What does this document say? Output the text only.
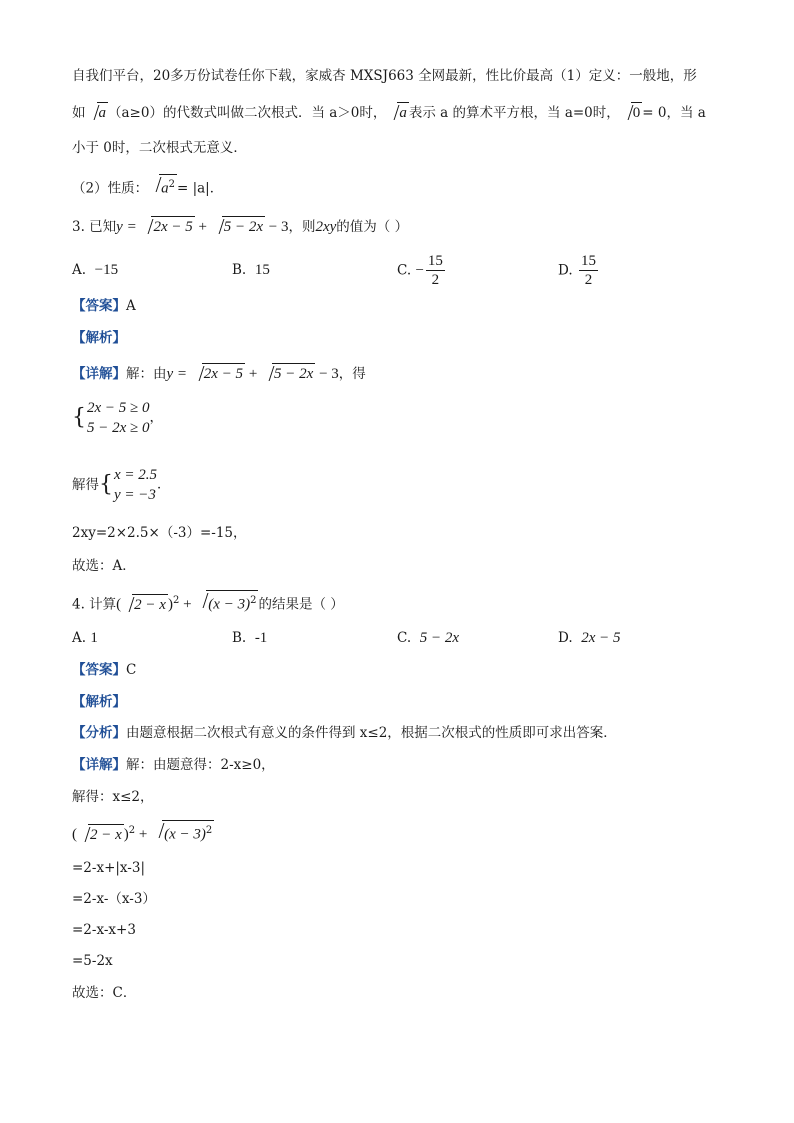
自我们平台，20多万份试卷任你下载，家威杏 MXSJ663 全网最新，性比价最高（1）定义：一般地，形
如 a （a≥0）的代数式叫做二次根式．当 a＞0时， a 表示 a 的算术平方根，当 a=0时， 0 = 0，当 a
小于 0时，二次根式无意义．
（2）性质： $a^2 = |a|$．
3. 已知y = 2x − 5 + 5 − 2x − 3，则2xy的值为（ ）
A. −15	B. 15	C. − $\frac{15}{2}$	D. $\frac{15}{2}$
【答案】A
【解析】
【详解】解：由y = 2x − 5 + 5 − 2x − 3，得
{ 2x − 5 ≥ 0
5 − 2x ≥ 0
，
解得 { x = 2.5
y = −3
．
2xy=2×2.5×（-3）=-15，
故选：A．
4. 计算( 2 − x )$^2 + (x - 3)^2$ 的结果是（ ）
A. 1	B. -1	C. 5 − 2x	D. 2x − 5
【答案】C
【解析】
【分析】由题意根据二次根式有意义的条件得到 x≤2，根据二次根式的性质即可求出答案．
【详解】解：由题意得：2-x≥0，
解得：x≤2，
( 2 − x )$^2 + (x - 3)^2$
=2-x+|x-3|
=2-x-（x-3）
=2-x-x+3
=5-2x
故选：C．
